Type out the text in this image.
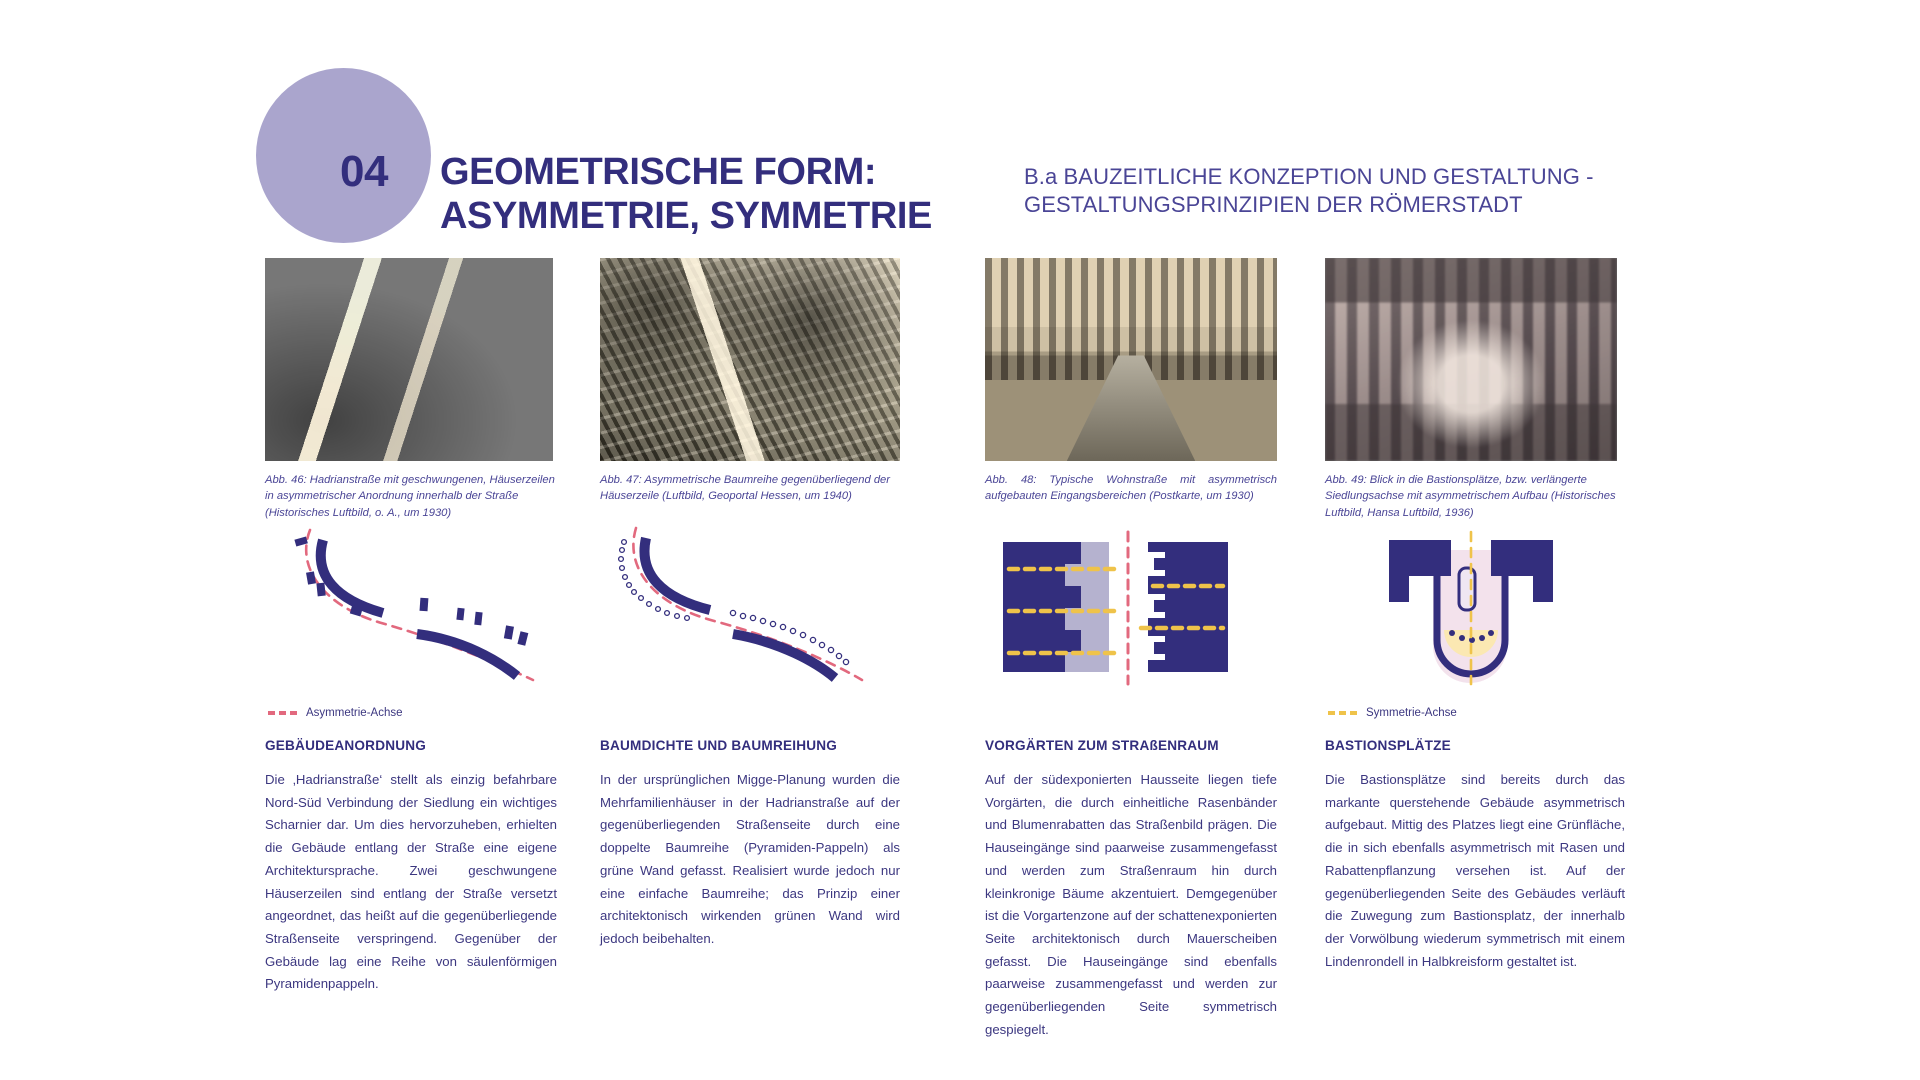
04 GEOMETRISCHE FORM:
ASYMMETRIE, SYMMETRIE
B.a BAUZEITLICHE KONZEPTION UND GESTALTUNG -
GESTALTUNGSPRINZIPIEN DER RÖMERSTADT
Abb. 46: Hadrianstraße mit geschwungenen, Häuserzeilen in asymmetrischer Anordnung innerhalb der Straße (Historisches Luftbild, o. A., um 1930)
Abb. 47: Asymmetrische Baumreihe gegenüberliegend der Häuserzeile (Luftbild, Geoportal Hessen, um 1940)
Abb. 48: Typische Wohnstraße mit asymmetrisch aufgebauten Eingangsbereichen (Postkarte, um 1930)
Abb. 49: Blick in die Bastionsplätze, bzw. verlängerte Siedlungsachse mit asymmetrischem Aufbau (Historisches Luftbild, Hansa Luftbild, 1936)
Asymmetrie-Achse	Symmetrie-Achse
GEBÄUDEANORDNUNG

Die ‚Hadrianstraße‘ stellt als einzig befahrbare Nord-Süd Verbindung der Siedlung ein wichtiges Scharnier dar. Um dies hervorzuheben, erhielten die Gebäude entlang der Straße eine eigene Architektursprache. Zwei geschwungene Häuserzeilen sind entlang der Straße versetzt angeordnet, das heißt auf die gegenüberliegende Straßenseite verspringend. Gegenüber der Gebäude lag eine Reihe von säulenförmigen Pyramidenpappeln.

BAUMDICHTE UND BAUMREIHUNG

In der ursprünglichen Migge-Planung wurden die Mehrfamilienhäuser in der Hadrianstraße auf der gegenüberliegenden Straßenseite durch eine doppelte Baumreihe (Pyramiden-Pappeln) als grüne Wand gefasst. Realisiert wurde jedoch nur eine einfache Baumreihe; das Prinzip einer architektonisch wirkenden grünen Wand wird jedoch beibehalten.

VORGÄRTEN ZUM STRAßENRAUM

Auf der südexponierten Hausseite liegen tiefe Vorgärten, die durch einheitliche Rasenbänder und Blumenrabatten das Straßenbild prägen. Die Hauseingänge sind paarweise zusammengefasst und werden zum Straßenraum hin durch kleinkronige Bäume akzentuiert. Demgegenüber ist die Vorgartenzone auf der schattenexponierten Seite architektonisch durch Mauerscheiben gefasst. Die Hauseingänge sind ebenfalls paarweise zusammengefasst und werden zur gegenüberliegenden Seite symmetrisch gespiegelt.

BASTIONSPLÄTZE

Die Bastionsplätze sind bereits durch das markante querstehende Gebäude asymmetrisch aufgebaut. Mittig des Platzes liegt eine Grünfläche, die in sich ebenfalls asymmetrisch mit Rasen und Rabattenpflanzung versehen ist. Auf der gegenüberliegenden Seite des Gebäudes verläuft die Zuwegung zum Bastionsplatz, der innerhalb der Vorwölbung wiederum symmetrisch mit einem Lindenrondell in Halbkreisform gestaltet ist.
